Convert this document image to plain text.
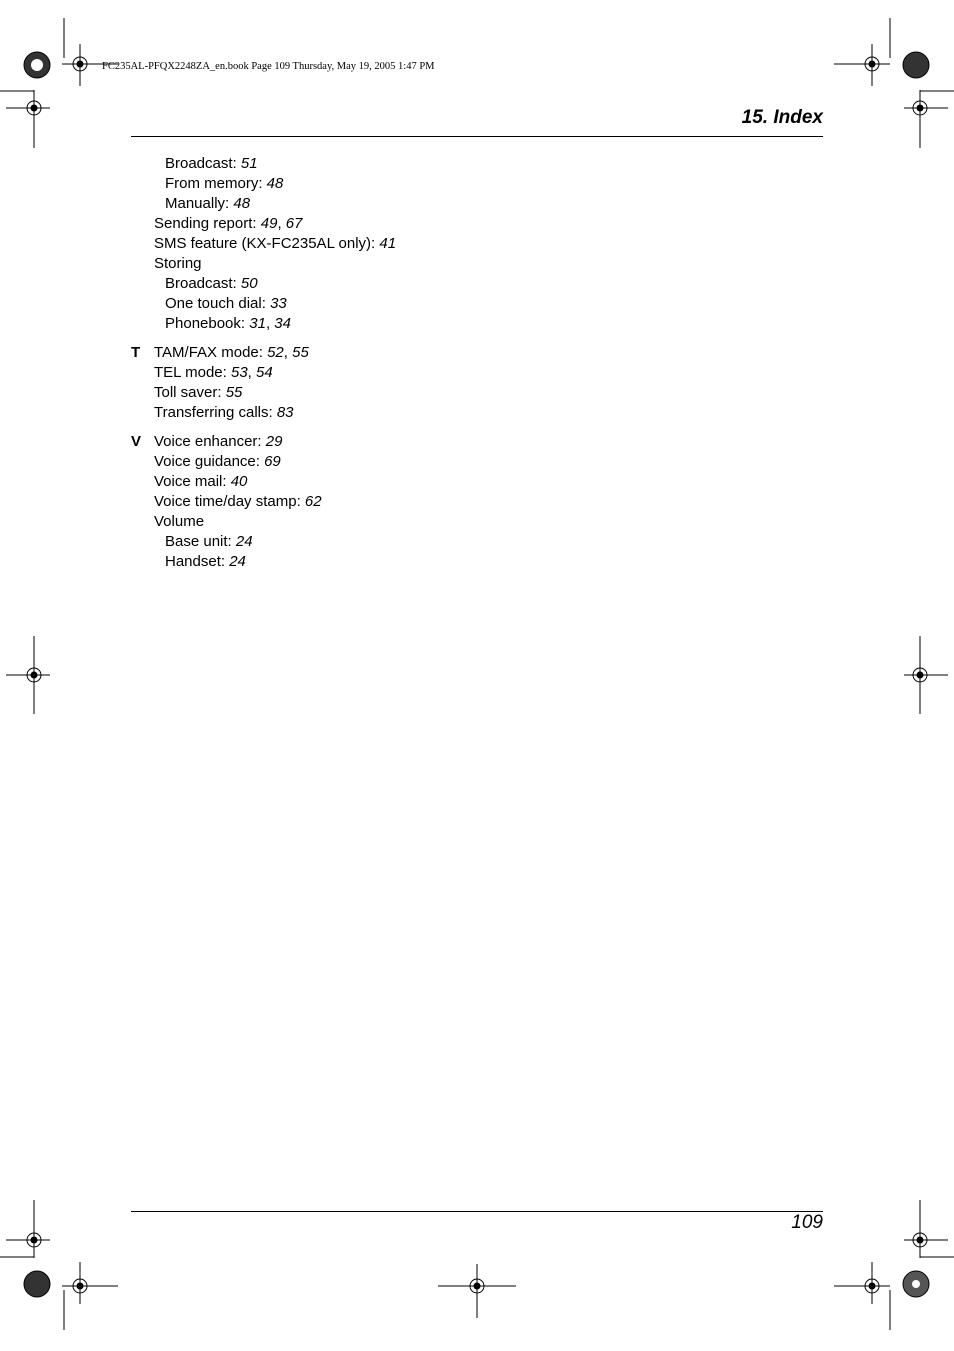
FC235AL-PFQX2248ZA_en.book Page 109 Thursday, May 19, 2005 1:47 PM
15. Index
Broadcast: 51
From memory: 48
Manually: 48
Sending report: 49, 67
SMS feature (KX-FC235AL only): 41
Storing
Broadcast: 50
One touch dial: 33
Phonebook: 31, 34
T TAM/FAX mode: 52, 55
TEL mode: 53, 54
Toll saver: 55
Transferring calls: 83
V Voice enhancer: 29
Voice guidance: 69
Voice mail: 40
Voice time/day stamp: 62
Volume
Base unit: 24
Handset: 24
109
